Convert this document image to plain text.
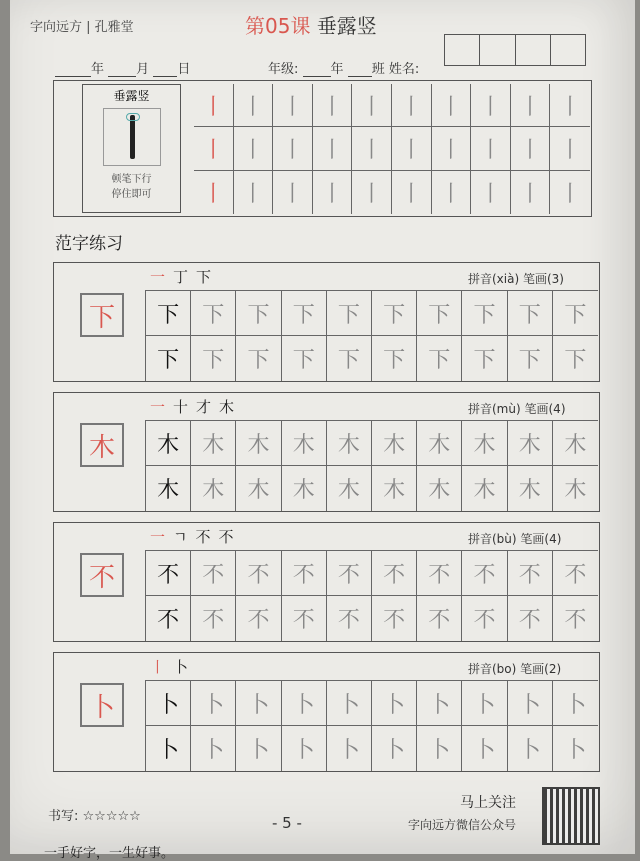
字向远方 | 孔雅堂	第05课 垂露竖
年 月 日	年级: 年 班 姓名:
垂露竖
顿笔下行
停住即可
丨 丨 丨 丨 丨 丨 丨 丨 丨 丨
丨 丨 丨 丨 丨 丨 丨 丨 丨 丨
丨 丨 丨 丨 丨 丨 丨 丨 丨 丨
范字练习
下
一 丁 下	拼音(xià) 笔画(3)
下	下	下	下	下	下	下	下	下	下
下	下	下	下	下	下	下	下	下	下
木
一 十 才 木	拼音(mù) 笔画(4)
木	木	木	木	木	木	木	木	木	木
木	木	木	木	木	木	木	木	木	木
不
一 ㄱ 不 不	拼音(bù) 笔画(4)
不	不	不	不	不	不	不	不	不	不
不	不	不	不	不	不	不	不	不	不
卜
丨 卜	拼音(bo) 笔画(2)
卜	卜	卜	卜	卜	卜	卜	卜	卜	卜
卜	卜	卜	卜	卜	卜	卜	卜	卜	卜
书写: ☆☆☆☆☆	- 5 -
马上关注
字向远方微信公众号
一手好字，一生好事。
